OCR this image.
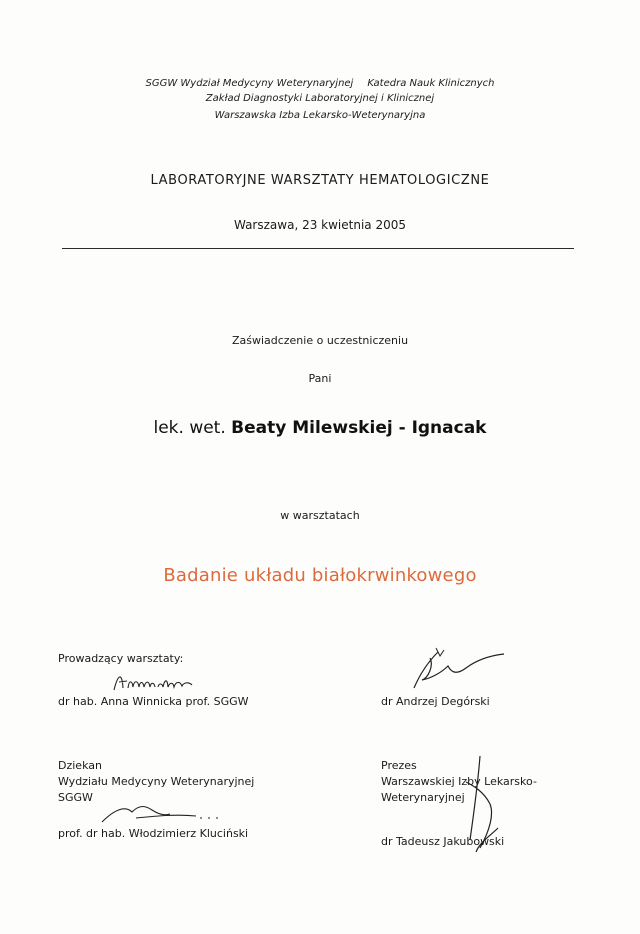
SGGW Wydział Medycyny Weterynaryjnej Katedra Nauk Klinicznych
Zakład Diagnostyki Laboratoryjnej i Klinicznej
Warszawska Izba Lekarsko-Weterynaryjna
LABORATORYJNE WARSZTATY HEMATOLOGICZNE
Warszawa, 23 kwietnia 2005
Zaświadczenie o uczestniczeniu
Pani
lek. wet. Beaty Milewskiej - Ignacak
w warsztatach
Badanie układu białokrwinkowego
Prowadzący warsztaty:
dr hab. Anna Winnicka prof. SGGW	dr Andrzej Degórski
Dziekan
Wydziału Medycyny Weterynaryjnej
SGGW
prof. dr hab. Włodzimierz Kluciński
Prezes
Warszawskiej Izby Lekarsko-
Weterynaryjnej
dr Tadeusz Jakubowski
